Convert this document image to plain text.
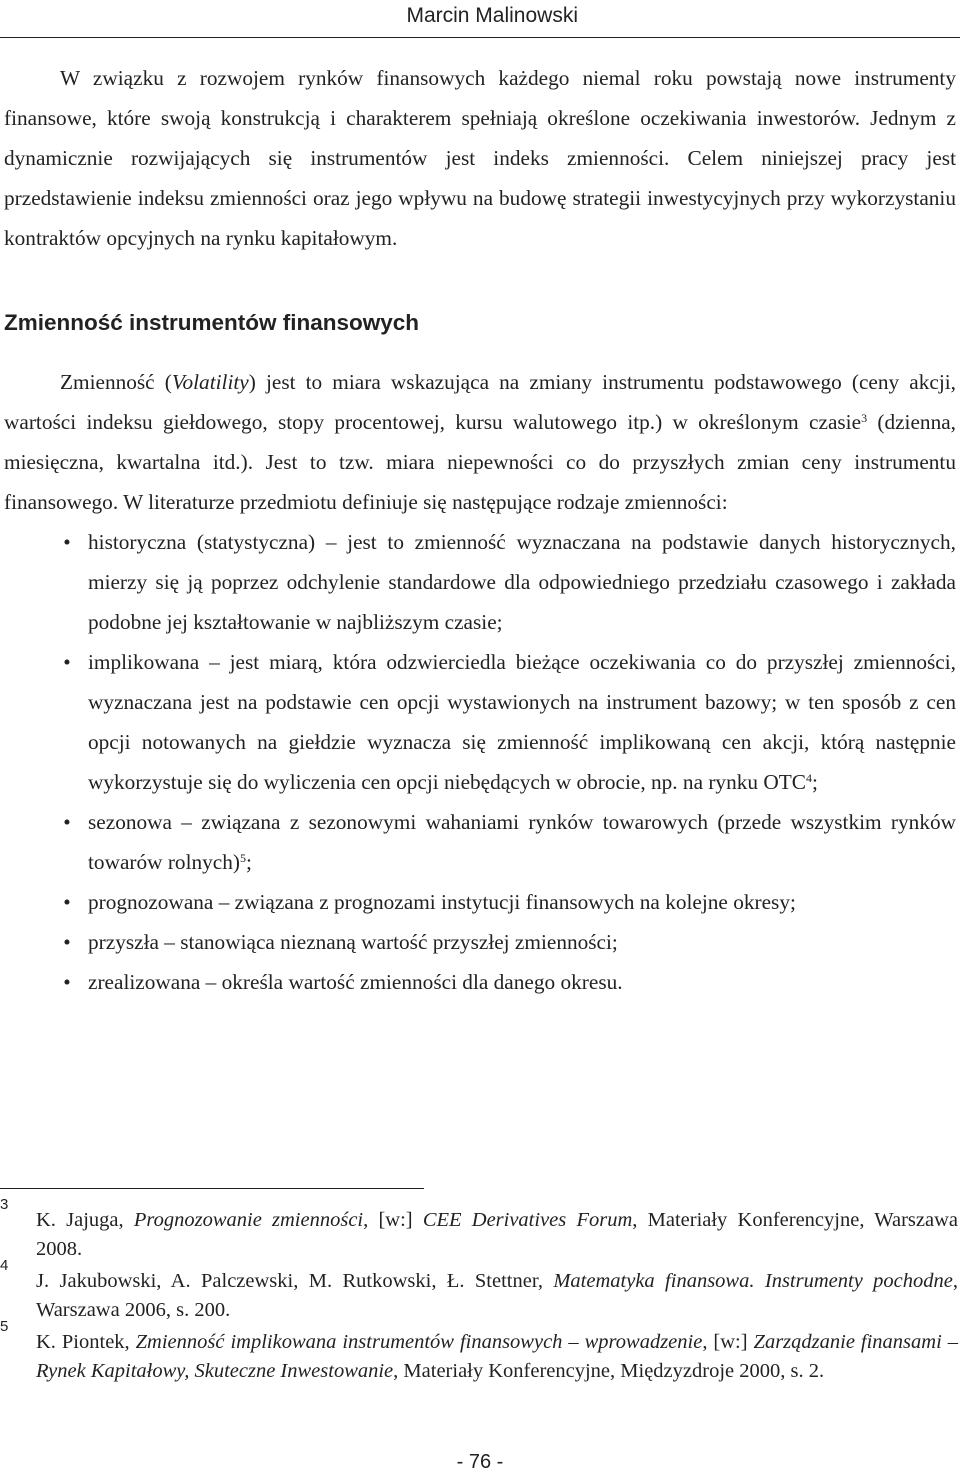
Marcin Malinowski

W związku z rozwojem rynków finansowych każdego niemal roku powstają nowe instrumenty finansowe, które swoją konstrukcją i charakterem spełniają określone oczekiwania inwestorów. Jednym z dynamicznie rozwijających się instrumentów jest indeks zmienności. Celem niniejszej pracy jest przedstawienie indeksu zmienności oraz jego wpływu na budowę strategii inwestycyjnych przy wykorzystaniu kontraktów opcyjnych na rynku kapitałowym.

Zmienność instrumentów finansowych

Zmienność (Volatility) jest to miara wskazująca na zmiany instrumentu podstawowego (ceny akcji, wartości indeksu giełdowego, stopy procentowej, kursu walutowego itp.) w określonym czasie$^3$ (dzienna, miesięczna, kwartalna itd.). Jest to tzw. miara niepewności co do przyszłych zmian ceny instrumentu finansowego. W literaturze przedmiotu definiuje się następujące rodzaje zmienności:

• historyczna (statystyczna) – jest to zmienność wyznaczana na podstawie danych historycznych, mierzy się ją poprzez odchylenie standardowe dla odpowiedniego przedziału czasowego i zakłada podobne jej kształtowanie w najbliższym czasie;
• implikowana – jest miarą, która odzwierciedla bieżące oczekiwania co do przyszłej zmienności, wyznaczana jest na podstawie cen opcji wystawionych na instrument bazowy; w ten sposób z cen opcji notowanych na giełdzie wyznacza się zmienność implikowaną cen akcji, którą następnie wykorzystuje się do wyliczenia cen opcji niebędących w obrocie, np. na rynku OTC$^4$;
• sezonowa – związana z sezonowymi wahaniami rynków towarowych (przede wszystkim rynków towarów rolnych)$^5$;
• prognozowana – związana z prognozami instytucji finansowych na kolejne okresy;
• przyszła – stanowiąca nieznaną wartość przyszłej zmienności;
• zrealizowana – określa wartość zmienności dla danego okresu.
3
K. Jajuga, Prognozowanie zmienności, [w:] CEE Derivatives Forum, Materiały Konferencyjne, Warszawa 2008.
4
J. Jakubowski, A. Palczewski, M. Rutkowski, Ł. Stettner, Matematyka finansowa. Instrumenty pochodne, Warszawa 2006, s. 200.
5
K. Piontek, Zmienność implikowana instrumentów finansowych – wprowadzenie, [w:] Zarządzanie finansami – Rynek Kapitałowy, Skuteczne Inwestowanie, Materiały Konferencyjne, Międzyzdroje 2000, s. 2.
- 76 -
